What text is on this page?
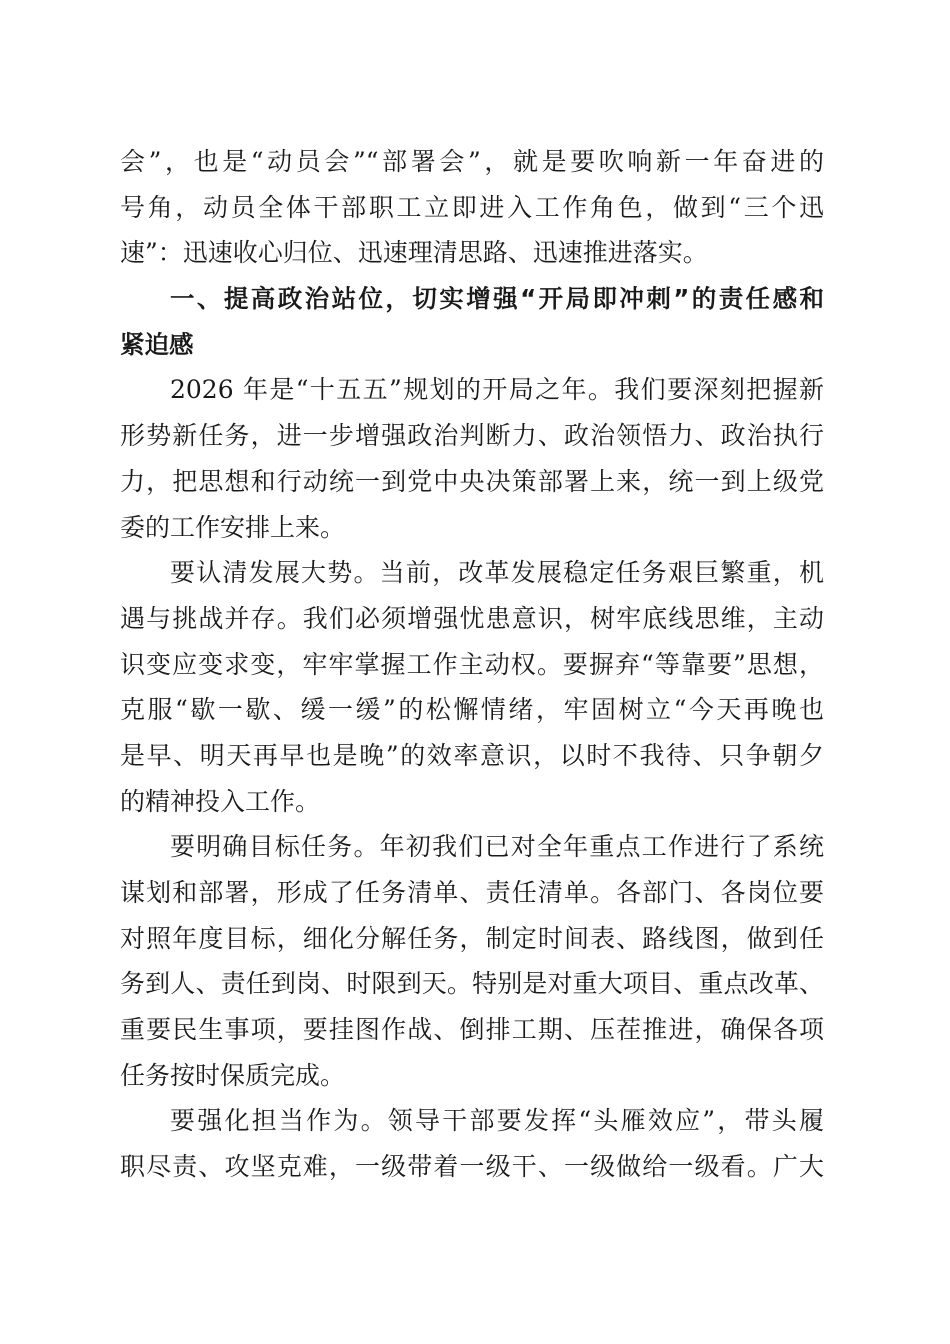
会”，也是“动员会”“部署会”，就是要吹响新一年奋进的
号角，动员全体干部职工立即进入工作角色，做到“三个迅
速”：迅速收心归位、迅速理清思路、迅速推进落实。
一、提高政治站位，切实增强“开局即冲刺”的责任感和
紧迫感
2026 年是“十五五”规划的开局之年。我们要深刻把握新
形势新任务，进一步增强政治判断力、政治领悟力、政治执行
力，把思想和行动统一到党中央决策部署上来，统一到上级党
委的工作安排上来。
要认清发展大势。当前，改革发展稳定任务艰巨繁重，机
遇与挑战并存。我们必须增强忧患意识，树牢底线思维，主动
识变应变求变，牢牢掌握工作主动权。要摒弃“等靠要”思想，
克服“歇一歇、缓一缓”的松懈情绪，牢固树立“今天再晚也
是早、明天再早也是晚”的效率意识，以时不我待、只争朝夕
的精神投入工作。
要明确目标任务。年初我们已对全年重点工作进行了系统
谋划和部署，形成了任务清单、责任清单。各部门、各岗位要
对照年度目标，细化分解任务，制定时间表、路线图，做到任
务到人、责任到岗、时限到天。特别是对重大项目、重点改革、
重要民生事项，要挂图作战、倒排工期、压茬推进，确保各项
任务按时保质完成。
要强化担当作为。领导干部要发挥“头雁效应”，带头履
职尽责、攻坚克难，一级带着一级干、一级做给一级看。广大
